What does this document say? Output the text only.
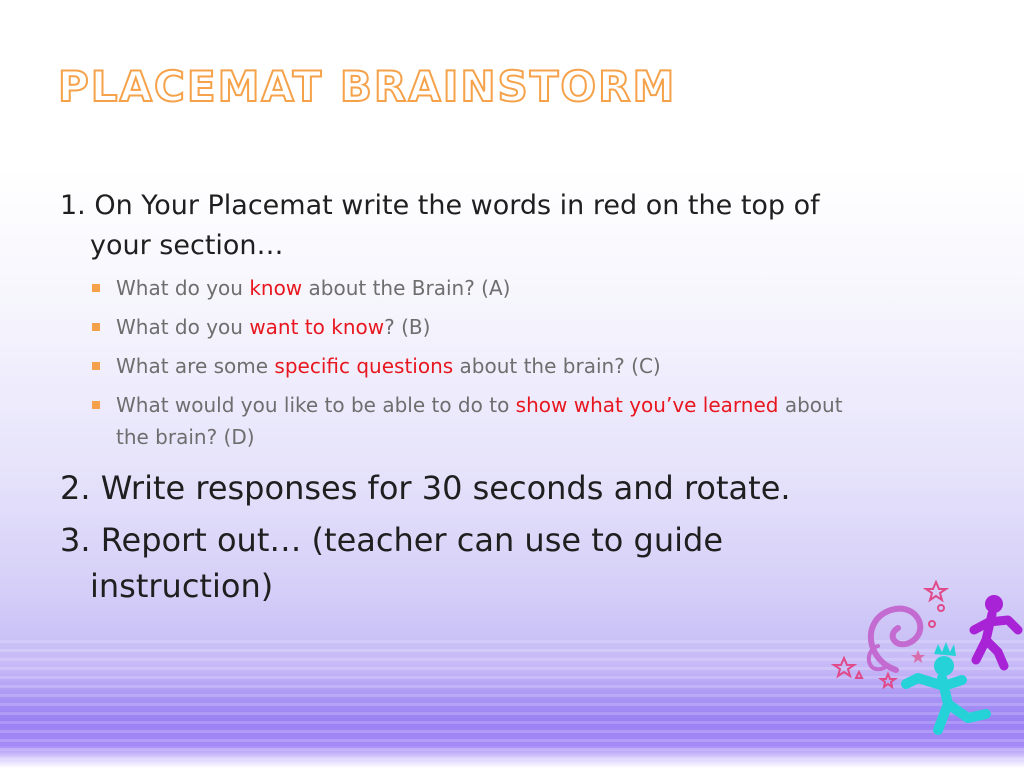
PLACEMAT BRAINSTORM

1. On Your Placemat write the words in red on the top of your section…

What do you know about the Brain? (A)
What do you want to know? (B)
What are some specific questions about the brain? (C)
What would you like to be able to do to show what you’ve learned about the brain? (D)

2. Write responses for 30 seconds and rotate.

3. Report out… (teacher can use to guide instruction)
